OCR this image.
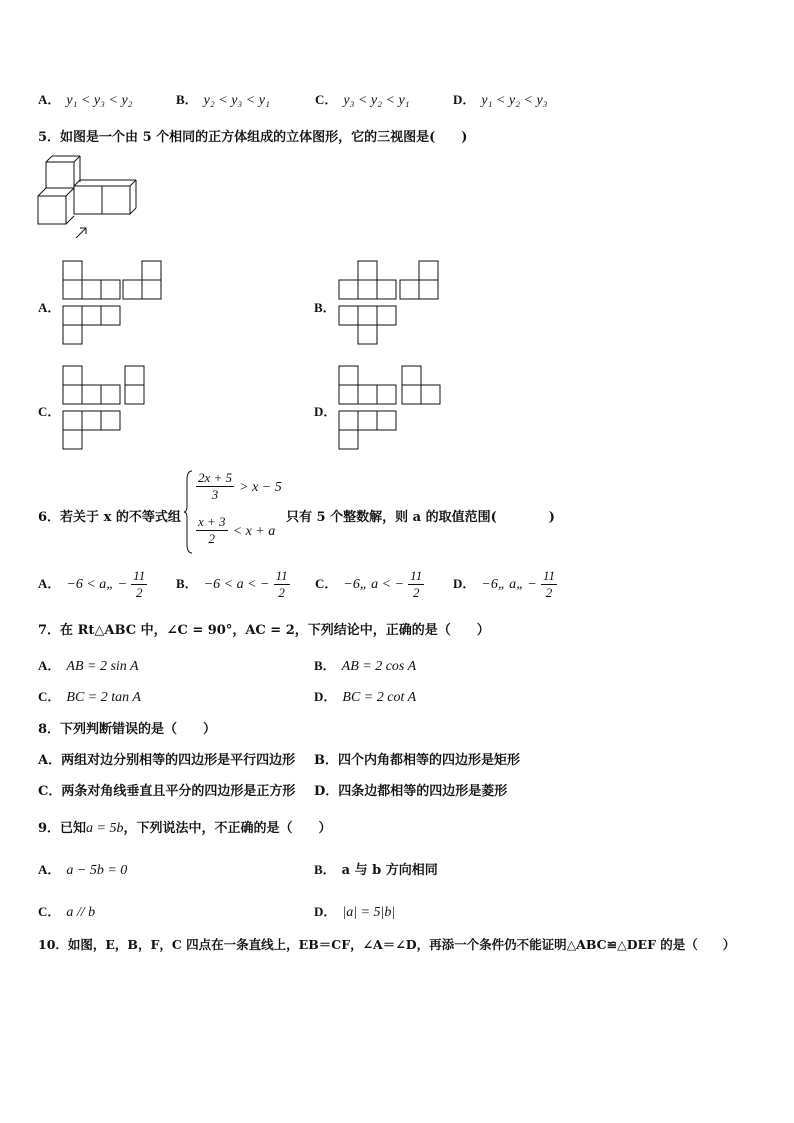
A． y₁ < y₃ < y₂	B． y₂ < y₃ < y₁	C． y₃ < y₂ < y₁	D． y₁ < y₂ < y₃
5．如图是一个由 5 个相同的正方体组成的立体图形，它的三视图是(　　)
A．	B．
C．	D．
6．若关于 x 的不等式组
$\frac{2x + 5}{3} > x - 5$
$\frac{x + 3}{2} < x + a$
只有 5 个整数解，则 a 的取值范围(　　　　)
A． −6 < a„ − $\frac{11}{2}$ B． −6 < a < − $\frac{11}{2}$ C． −6„ a < − $\frac{11}{2}$ D． −6„ a„ − $\frac{11}{2}$
7．在 Rt△ABC 中，∠C = 90°，AC = 2，下列结论中，正确的是（　　）
A． AB = 2 sin A	B． AB = 2 cos A
C． BC = 2 tan A	D． BC = 2 cot A
8．下列判断错误的是（　　）
A．两组对边分别相等的四边形是平行四边形 B．四个内角都相等的四边形是矩形
C．两条对角线垂直且平分的四边形是正方形 D．四条边都相等的四边形是菱形
9．已知a = 5b，下列说法中，不正确的是（　　）
A． a − 5b = 0	B． a 与 b 方向相同
C． a // b	D． |a| = 5|b|
10．如图，E，B，F，C 四点在一条直线上，EB＝CF，∠A＝∠D，再添一个条件仍不能证明△ABC≌△DEF 的是（　　）
